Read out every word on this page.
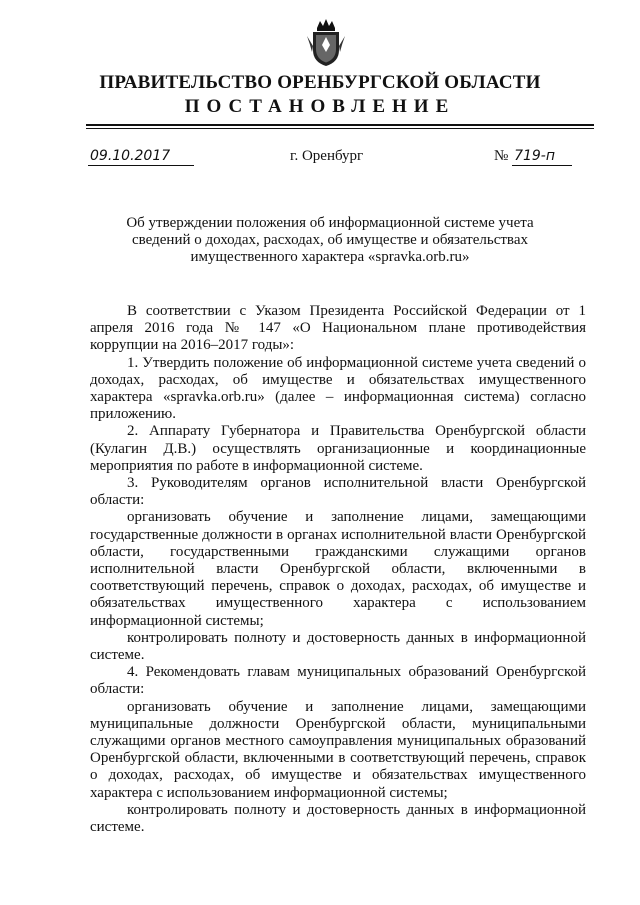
ПРАВИТЕЛЬСТВО ОРЕНБУРГСКОЙ ОБЛАСТИ
ПОСТАНОВЛЕНИЕ
09.10.2017	г. Оренбург	№ 719-п
Об утверждении положения об информационной системе учета сведений о доходах, расходах, об имуществе и обязательствах имущественного характера «spravka.orb.ru»

В соответствии с Указом Президента Российской Федерации от 1 апреля 2016 года № 147 «О Национальном плане противодействия коррупции на 2016–2017 годы»:

1. Утвердить положение об информационной системе учета сведений о доходах, расходах, об имуществе и обязательствах имущественного характера «spravka.orb.ru» (далее – информационная система) согласно приложению.

2. Аппарату Губернатора и Правительства Оренбургской области (Кулагин Д.В.) осуществлять организационные и координационные мероприятия по работе в информационной системе.

3. Руководителям органов исполнительной власти Оренбургской области:

организовать обучение и заполнение лицами, замещающими государственные должности в органах исполнительной власти Оренбургской области, государственными гражданскими служащими органов исполнительной власти Оренбургской области, включенными в соответствующий перечень, справок о доходах, расходах, об имуществе и обязательствах имущественного характера с использованием информационной системы;

контролировать полноту и достоверность данных в информационной системе.

4. Рекомендовать главам муниципальных образований Оренбургской области:

организовать обучение и заполнение лицами, замещающими муниципальные должности Оренбургской области, муниципальными служащими органов местного самоуправления муниципальных образований Оренбургской области, включенными в соответствующий перечень, справок о доходах, расходах, об имуществе и обязательствах имущественного характера с использованием информационной системы;

контролировать полноту и достоверность данных в информационной системе.
